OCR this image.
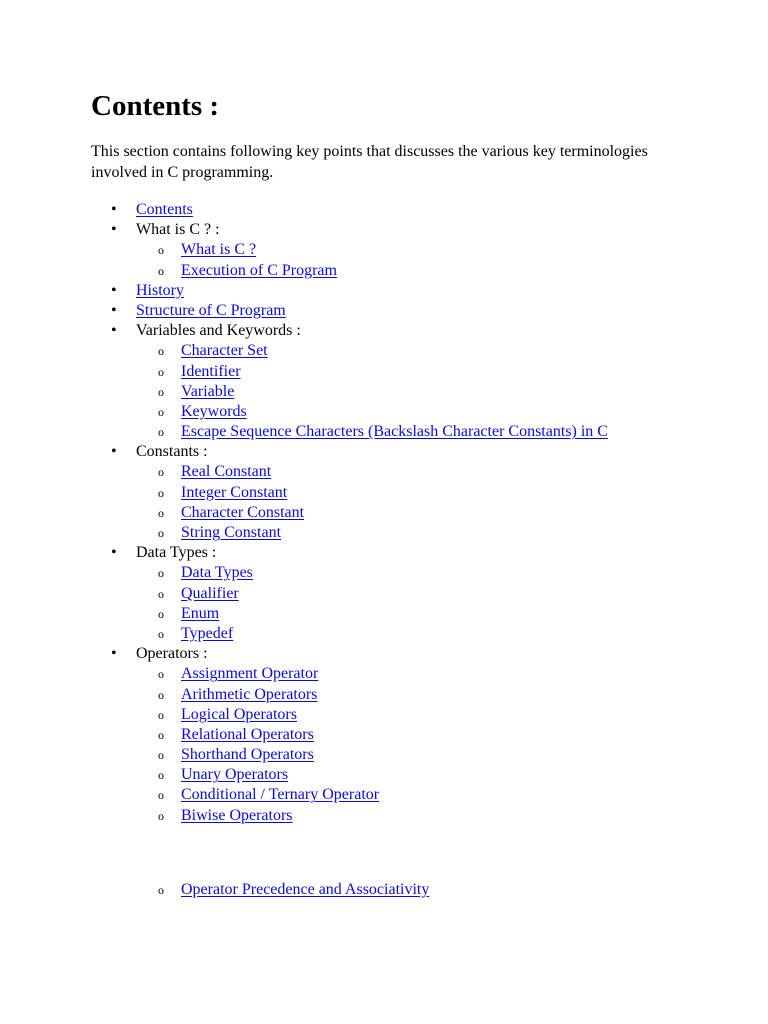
Contents :

This section contains following key points that discusses the various key terminologies involved in C programming.

• Contents
• What is C ? :
o What is C ?
o Execution of C Program
• History
• Structure of C Program
• Variables and Keywords :
o Character Set
o Identifier
o Variable
o Keywords
o Escape Sequence Characters (Backslash Character Constants) in C
• Constants :
o Real Constant
o Integer Constant
o Character Constant
o String Constant
• Data Types :
o Data Types
o Qualifier
o Enum
o Typedef
• Operators :
o Assignment Operator
o Arithmetic Operators
o Logical Operators
o Relational Operators
o Shorthand Operators
o Unary Operators
o Conditional / Ternary Operator
o Biwise Operators
o Operator Precedence and Associativity
